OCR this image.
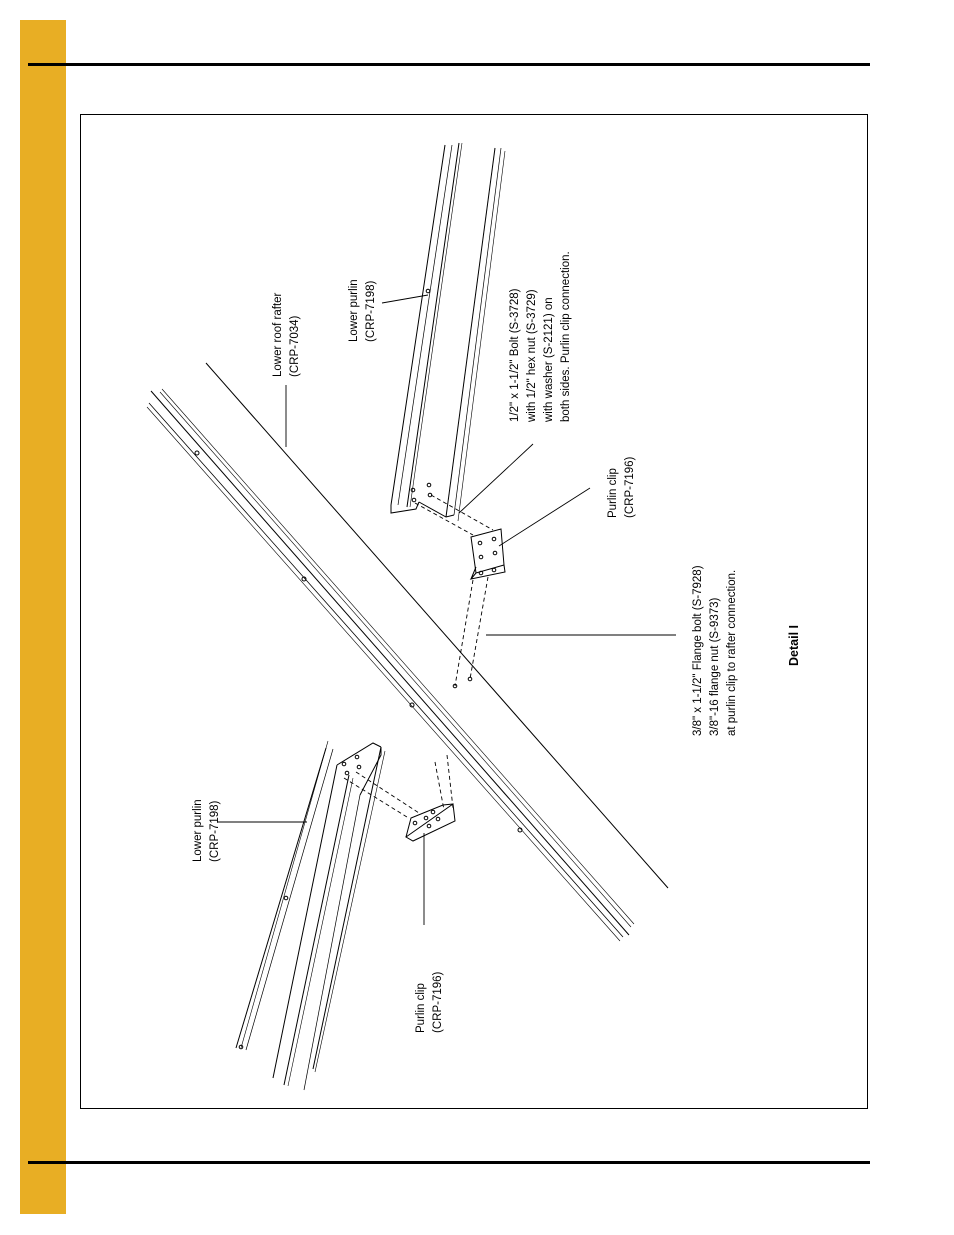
Lower roof rafter (CRP-7034)
Lower purlin (CRP-7198)	1/2" x 1-1/2" Bolt (S-3728) with 1/2" hex nut (S-3729) with washer (S-2121) on both sides. Purlin clip connection.
Purlin clip (CRP-7196)
3/8" x 1-1/2" Flange bolt (S-7928) 3/8"-16 flange nut (S-9373) at purlin clip to rafter connection.	Detail I
Lower purlin (CRP-7198)
Purlin clip (CRP-7196)
